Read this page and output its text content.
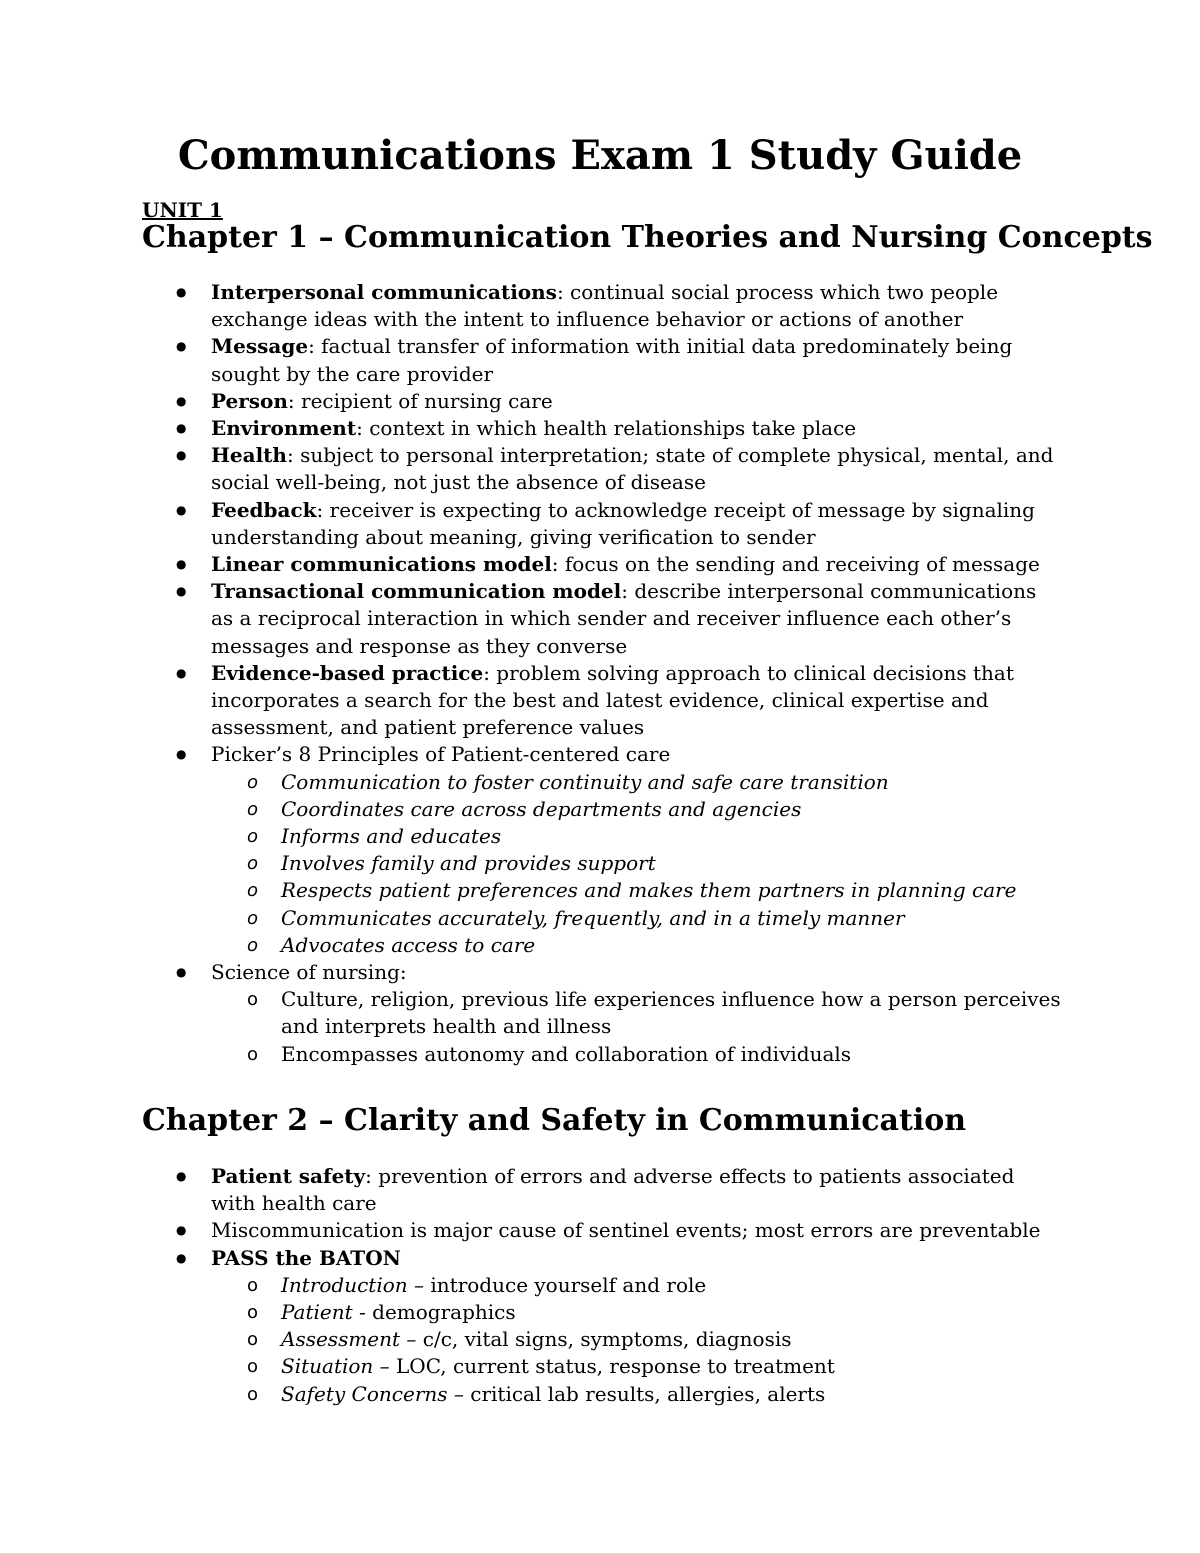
Communications Exam 1 Study Guide
UNIT 1
Chapter 1 – Communication Theories and Nursing Concepts
● Interpersonal communications: continual social process which two people exchange ideas with the intent to influence behavior or actions of another
● Message: factual transfer of information with initial data predominately being sought by the care provider
● Person: recipient of nursing care
● Environment: context in which health relationships take place
● Health: subject to personal interpretation; state of complete physical, mental, and social well-being, not just the absence of disease
● Feedback: receiver is expecting to acknowledge receipt of message by signaling understanding about meaning, giving verification to sender
● Linear communications model: focus on the sending and receiving of message
● Transactional communication model: describe interpersonal communications as a reciprocal interaction in which sender and receiver influence each other’s messages and response as they converse
● Evidence-based practice: problem solving approach to clinical decisions that incorporates a search for the best and latest evidence, clinical expertise and assessment, and patient preference values
● Picker’s 8 Principles of Patient-centered care
o Communication to foster continuity and safe care transition
o Coordinates care across departments and agencies
o Informs and educates
o Involves family and provides support
o Respects patient preferences and makes them partners in planning care
o Communicates accurately, frequently, and in a timely manner
o Advocates access to care
● Science of nursing:
o Culture, religion, previous life experiences influence how a person perceives and interprets health and illness
o Encompasses autonomy and collaboration of individuals
Chapter 2 – Clarity and Safety in Communication
● Patient safety: prevention of errors and adverse effects to patients associated with health care
● Miscommunication is major cause of sentinel events; most errors are preventable
● PASS the BATON
o Introduction – introduce yourself and role
o Patient - demographics
o Assessment – c/c, vital signs, symptoms, diagnosis
o Situation – LOC, current status, response to treatment
o Safety Concerns – critical lab results, allergies, alerts
